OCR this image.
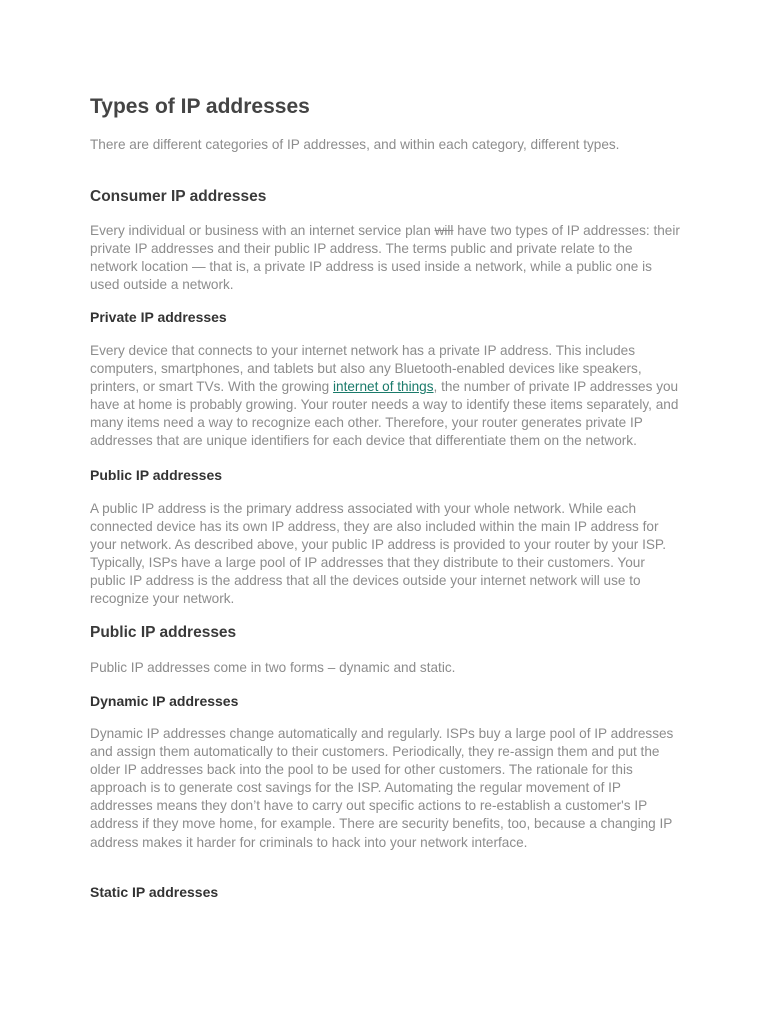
Types of IP addresses

There are different categories of IP addresses, and within each category, different types.

Consumer IP addresses

Every individual or business with an internet service plan will have two types of IP addresses: their private IP addresses and their public IP address. The terms public and private relate to the network location — that is, a private IP address is used inside a network, while a public one is used outside a network.

Private IP addresses

Every device that connects to your internet network has a private IP address. This includes computers, smartphones, and tablets but also any Bluetooth-enabled devices like speakers, printers, or smart TVs. With the growing internet of things, the number of private IP addresses you have at home is probably growing. Your router needs a way to identify these items separately, and many items need a way to recognize each other. Therefore, your router generates private IP addresses that are unique identifiers for each device that differentiate them on the network.

Public IP addresses

A public IP address is the primary address associated with your whole network. While each connected device has its own IP address, they are also included within the main IP address for your network. As described above, your public IP address is provided to your router by your ISP. Typically, ISPs have a large pool of IP addresses that they distribute to their customers. Your public IP address is the address that all the devices outside your internet network will use to recognize your network.

Public IP addresses

Public IP addresses come in two forms – dynamic and static.

Dynamic IP addresses

Dynamic IP addresses change automatically and regularly. ISPs buy a large pool of IP addresses and assign them automatically to their customers. Periodically, they re-assign them and put the older IP addresses back into the pool to be used for other customers. The rationale for this approach is to generate cost savings for the ISP. Automating the regular movement of IP addresses means they don’t have to carry out specific actions to re-establish a customer's IP address if they move home, for example. There are security benefits, too, because a changing IP address makes it harder for criminals to hack into your network interface.

Static IP addresses
